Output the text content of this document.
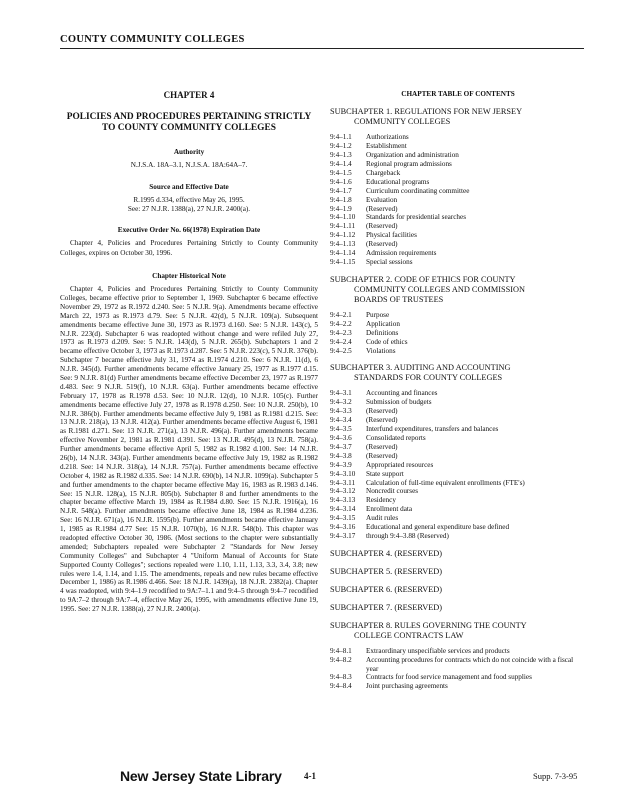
COUNTY COMMUNITY COLLEGES
CHAPTER 4
POLICIES AND PROCEDURES PERTAINING STRICTLY TO COUNTY COMMUNITY COLLEGES
Authority
N.J.S.A. 18A–3.1, N.J.S.A. 18A:64A–7.
Source and Effective Date
R.1995 d.334, effective May 26, 1995.
See: 27 N.J.R. 1388(a), 27 N.J.R. 2400(a).
Executive Order No. 66(1978) Expiration Date

Chapter 4, Policies and Procedures Pertaining Strictly to County Community Colleges, expires on October 30, 1996.

Chapter Historical Note

Chapter 4, Policies and Procedures Pertaining Strictly to County Community Colleges, became effective prior to September 1, 1969. Subchapter 6 became effective November 29, 1972 as R.1972 d.240. See: 5 N.J.R. 9(a). Amendments became effective March 22, 1973 as R.1973 d.79. See: 5 N.J.R. 42(d), 5 N.J.R. 109(a). Subsequent amendments became effective June 30, 1973 as R.1973 d.160. See: 5 N.J.R. 143(c), 5 N.J.R. 223(d). Subchapter 6 was readopted without change and were refiled July 27, 1973 as R.1973 d.209. See: 5 N.J.R. 143(d), 5 N.J.R. 265(b). Subchapters 1 and 2 became effective October 3, 1973 as R.1973 d.287. See: 5 N.J.R. 223(c), 5 N.J.R. 376(b). Subchapter 7 became effective July 31, 1974 as R.1974 d.210. See: 6 N.J.R. 11(d), 6 N.J.R. 345(d). Further amendments became effective January 25, 1977 as R.1977 d.15. See: 9 N.J.R. 81(d) Further amendments became effective December 23, 1977 as R.1977 d.483. See: 9 N.J.R. 519(f), 10 N.J.R. 63(a). Further amendments became effective February 17, 1978 as R.1978 d.53. See: 10 N.J.R. 12(d), 10 N.J.R. 105(c). Further amendments became effective July 27, 1978 as R.1978 d.250. See: 10 N.J.R. 250(b), 10 N.J.R. 386(b). Further amendments became effective July 9, 1981 as R.1981 d.215. See: 13 N.J.R. 218(a), 13 N.J.R. 412(a). Further amendments became effective August 6, 1981 as R.1981 d.271. See: 13 N.J.R. 271(a), 13 N.J.R. 496(a). Further amendments became effective November 2, 1981 as R.1981 d.391. See: 13 N.J.R. 495(d), 13 N.J.R. 758(a). Further amendments became effective April 5, 1982 as R.1982 d.100. See: 14 N.J.R. 26(b), 14 N.J.R. 343(a). Further amendments became effective July 19, 1982 as R.1982 d.218. See: 14 N.J.R. 318(a), 14 N.J.R. 757(a). Further amendments became effective October 4, 1982 as R.1982 d.335. See: 14 N.J.R. 690(b), 14 N.J.R. 1099(a). Subchapter 5 and further amendments to the chapter became effective May 16, 1983 as R.1983 d.146. See: 15 N.J.R. 128(a), 15 N.J.R. 805(b). Subchapter 8 and further amendments to the chapter became effective March 19, 1984 as R.1984 d.80. See: 15 N.J.R. 1916(a), 16 N.J.R. 548(a). Further amendments became effective June 18, 1984 as R.1984 d.236. See: 16 N.J.R. 671(a), 16 N.J.R. 1595(b). Further amendments became effective January 1, 1985 as R.1984 d.77 See: 15 N.J.R. 1070(b), 16 N.J.R. 548(b). This chapter was readopted effective October 30, 1986. (Most sections to the chapter were substantially amended; Subchapters repealed were Subchapter 2 "Standards for New Jersey Community Colleges" and Subchapter 4 "Uniform Manual of Accounts for State Supported County Colleges"; sections repealed were 1.10, 1.11, 1.13, 3.3, 3.4, 3.8; new rules were 1.4, 1.14, and 1.15. The amendments, repeals and new rules became effective December 1, 1986) as R.1986 d.466. See: 18 N.J.R. 1439(a), 18 N.J.R. 2382(a). Chapter 4 was readopted, with 9:4–1.9 recodified to 9A:7–1.1 and 9:4–5 through 9:4–7 recodified to 9A:7–2 through 9A:7–4, effective May 26, 1995, with amendments effective June 19, 1995. See: 27 N.J.R. 1388(a), 27 N.J.R. 2400(a).

CHAPTER TABLE OF CONTENTS
SUBCHAPTER 1. REGULATIONS FOR NEW JERSEY
COMMUNITY COLLEGES
9:4–1.1	Authorizations
9:4–1.2	Establishment
9:4–1.3	Organization and administration
9:4–1.4	Regional program admissions
9:4–1.5	Chargeback
9:4–1.6	Educational programs
9:4–1.7	Curriculum coordinating committee
9:4–1.8	Evaluation
9:4–1.9	(Reserved)
9:4–1.10	Standards for presidential searches
9:4–1.11	(Reserved)
9:4–1.12	Physical facilities
9:4–1.13	(Reserved)
9:4–1.14	Admission requirements
9:4–1.15	Special sessions
SUBCHAPTER 2. CODE OF ETHICS FOR COUNTY
COMMUNITY COLLEGES AND COMMISSION
BOARDS OF TRUSTEES
9:4–2.1	Purpose
9:4–2.2	Application
9:4–2.3	Definitions
9:4–2.4	Code of ethics
9:4–2.5	Violations
SUBCHAPTER 3. AUDITING AND ACCOUNTING
STANDARDS FOR COUNTY COLLEGES
9:4–3.1	Accounting and finances
9:4–3.2	Submission of budgets
9:4–3.3	(Reserved)
9:4–3.4	(Reserved)
9:4–3.5	Interfund expenditures, transfers and balances
9:4–3.6	Consolidated reports
9:4–3.7	(Reserved)
9:4–3.8	(Reserved)
9:4–3.9	Appropriated resources
9:4–3.10	State support
9:4–3.11	Calculation of full-time equivalent enrollments (FTE's)
9:4–3.12	Noncredit courses
9:4–3.13	Residency
9:4–3.14	Enrollment data
9:4–3.15	Audit rules
9:4–3.16	Educational and general expenditure base defined
9:4–3.17	through 9:4–3.88 (Reserved)
SUBCHAPTER 4. (RESERVED)
SUBCHAPTER 5. (RESERVED)
SUBCHAPTER 6. (RESERVED)
SUBCHAPTER 7. (RESERVED)
SUBCHAPTER 8. RULES GOVERNING THE COUNTY
COLLEGE CONTRACTS LAW
9:4–8.1	Extraordinary unspecifiable services and products
9:4–8.2	Accounting procedures for contracts which do not coincide with a fiscal year
9:4–8.3	Contracts for food service management and food supplies
9:4–8.4	Joint purchasing agreements
New Jersey State Library 4-1	Supp. 7-3-95
